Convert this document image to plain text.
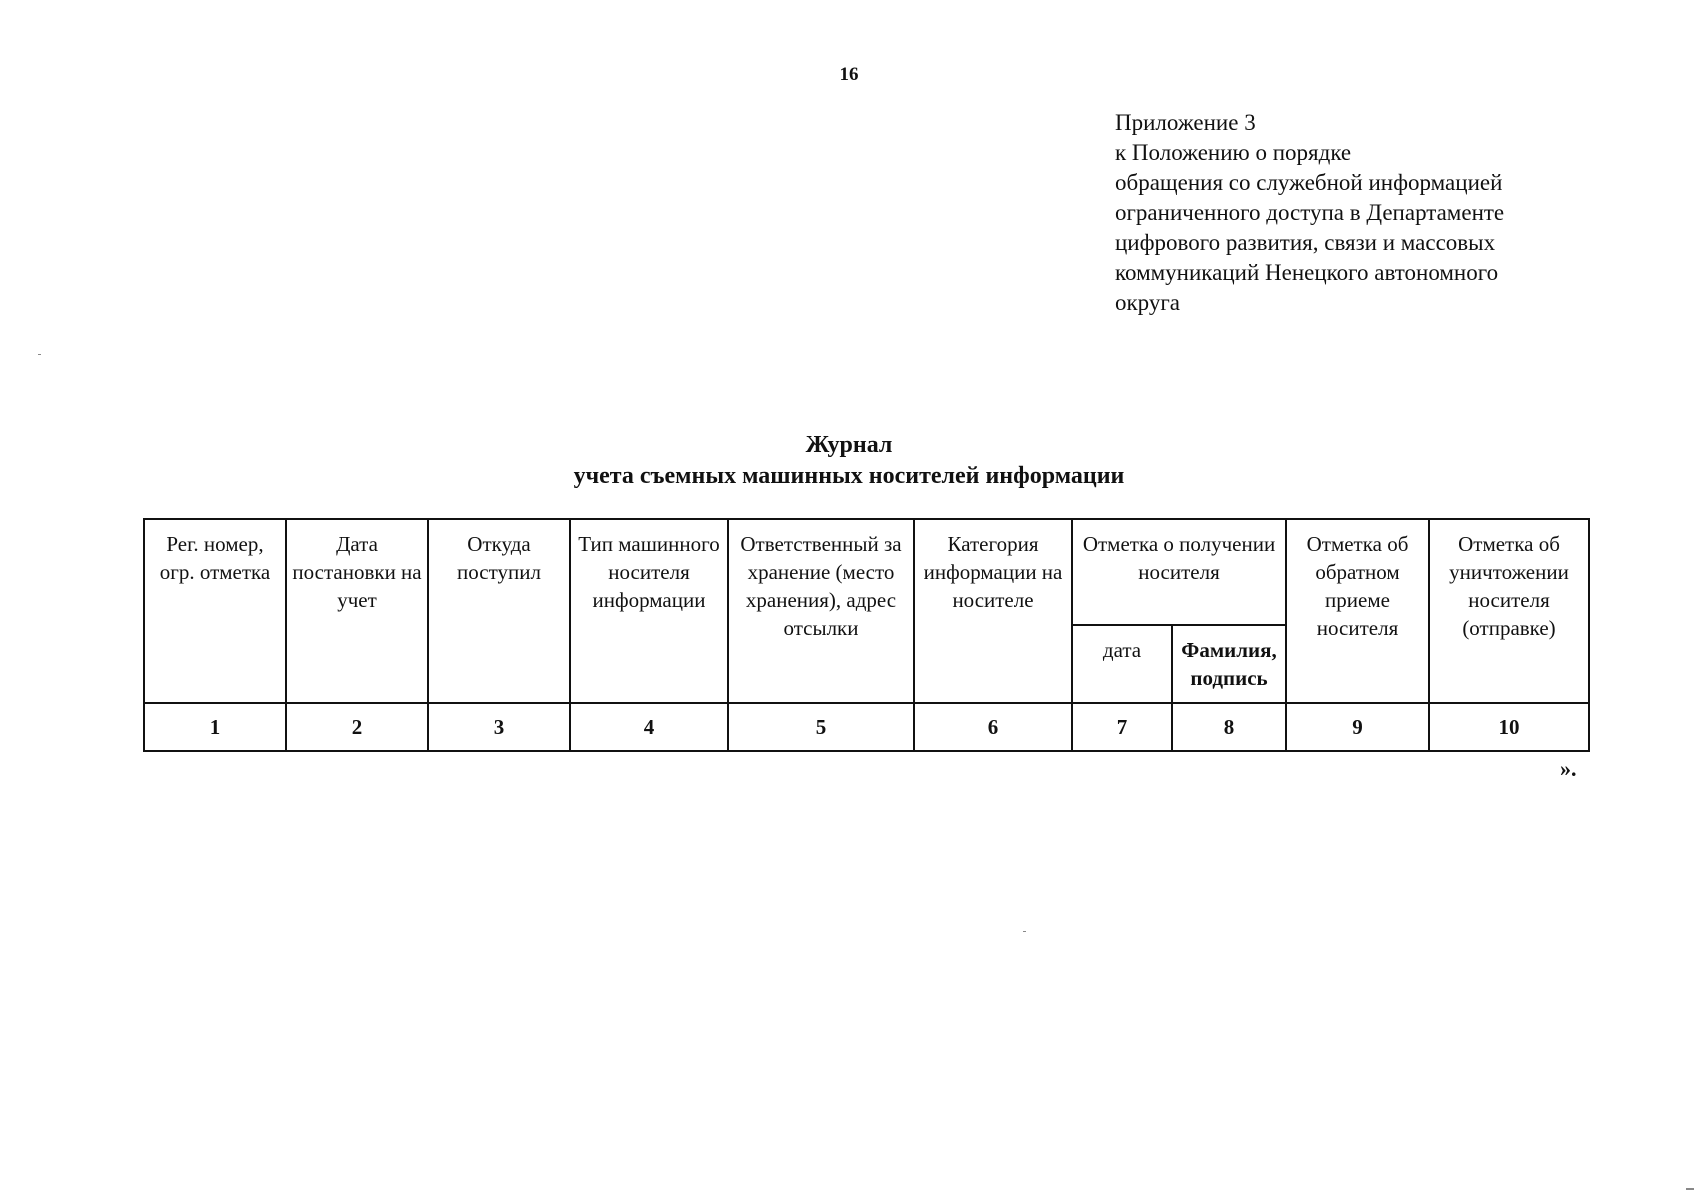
16
Приложение 3
к Положению о порядке
обращения со служебной информацией
ограниченного доступа в Департаменте
цифрового развития, связи и массовых
коммуникаций Ненецкого автономного
округа
Журнал
учета съемных машинных носителей информации
Рег. номер, огр. отметка	Дата постановки на учет	Откуда поступил	Тип машинного носителя информации	Ответственный за хранение (место хранения), адрес отсылки	Категория информации на носителе	Отметка о получении носителя		Отметка об обратном приеме носителя	Отметка об уничтожении носителя (отправке)
						дата	Фамилия, подпись		
1	2	3	4	5	6	7	8	9	10
».
